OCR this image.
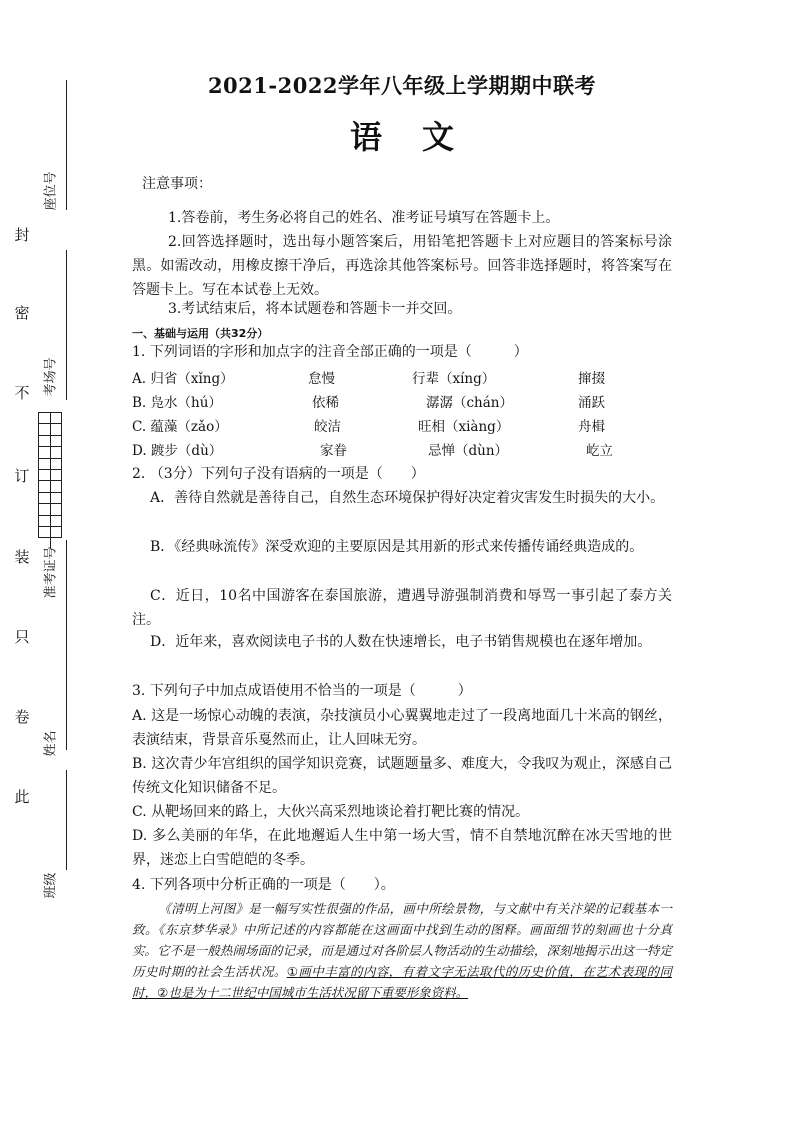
封
密
不
订
装
只
卷
此
座位号
考场号
准考证号
姓名
班级
2021-2022学年八年级上学期期中联考
语文
注意事项：
1.答卷前，考生务必将自己的姓名、准考证号填写在答题卡上。
2.回答选择题时，选出每小题答案后，用铅笔把答题卡上对应题目的答案标号涂黑。如需改动，用橡皮擦干净后，再选涂其他答案标号。回答非选择题时，将答案写在答题卡上。写在本试卷上无效。
3.考试结束后，将本试题卷和答题卡一并交回。
一、基础与运用（共32分）
1. 下列词语的字形和加点字的注音全部正确的一项是（　　　）
A. 归省（xǐng）	怠慢	行辈（xíng）	撺掇
B. 凫水（hú）	依稀	潺潺（chán）	涌跃
C. 蕴藻（zǎo）	皎洁	旺相（xiàng）	舟楫
D. 踱步（dù）	家眷	忌惮（dùn）	屹立
2. （3分）下列句子没有语病的一项是（　　）
A．善待自然就是善待自己，自然生态环境保护得好决定着灾害发生时损失的大小。
B．《经典咏流传》深受欢迎的主要原因是其用新的形式来传播传诵经典造成的。
C．近日，10名中国游客在泰国旅游，遭遇导游强制消费和辱骂一事引起了泰方关注。
D．近年来，喜欢阅读电子书的人数在快速增长，电子书销售规模也在逐年增加。
3. 下列句子中加点成语使用不恰当的一项是（　　　）
A. 这是一场惊心动魄的表演，杂技演员小心翼翼地走过了一段离地面几十米高的钢丝，表演结束，背景音乐戛然而止，让人回味无穷。
B. 这次青少年宫组织的国学知识竞赛，试题题量多、难度大，令我叹为观止，深感自己传统文化知识储备不足。
C. 从靶场回来的路上，大伙兴高采烈地谈论着打靶比赛的情况。
D. 多么美丽的年华，在此地邂逅人生中第一场大雪，情不自禁地沉醉在冰天雪地的世界，迷恋上白雪皑皑的冬季。
4. 下列各项中分析正确的一项是（　　）。
《清明上河图》是一幅写实性很强的作品，画中所绘景物，与文献中有关汴梁的记载基本一致。《东京梦华录》中所记述的内容都能在这画面中找到生动的图释。画面细节的刻画也十分真实。它不是一般热闹场面的记录，而是通过对各阶层人物活动的生动描绘，深刻地揭示出这一特定历史时期的社会生活状况。①画中丰富的内容，有着文字无法取代的历史价值，在艺术表现的同时，②也是为十二世纪中国城市生活状况留下重要形象资料。
